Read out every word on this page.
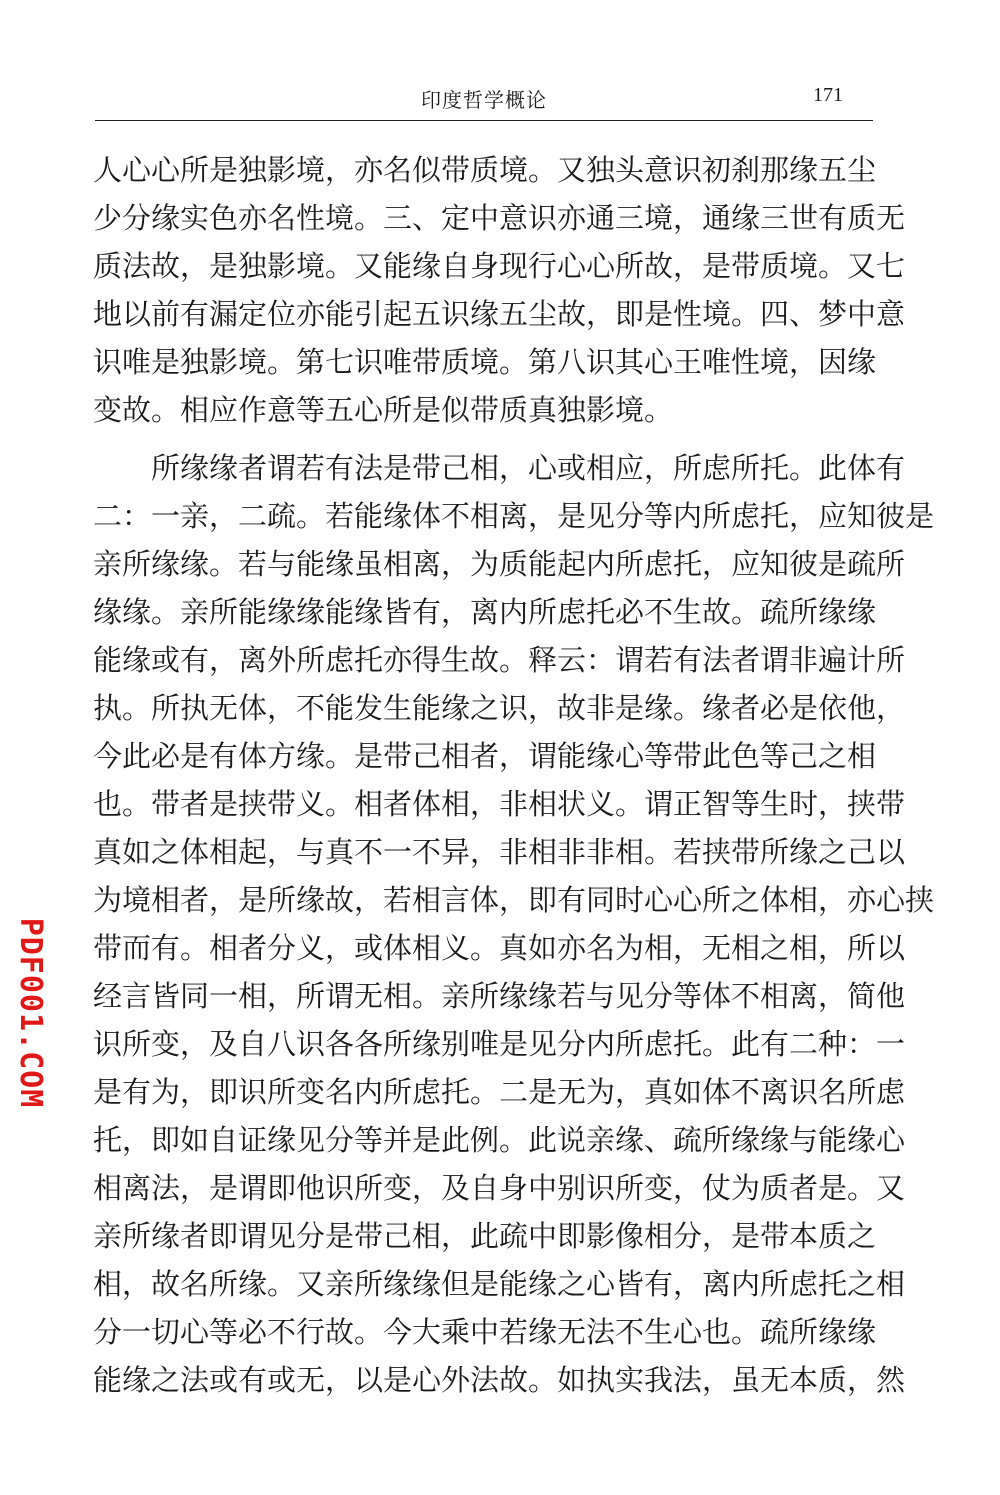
印度哲学概论	171
人心心所是独影境，亦名似带质境。又独头意识初刹那缘五尘
少分缘实色亦名性境。三、定中意识亦通三境，通缘三世有质无
质法故，是独影境。又能缘自身现行心心所故，是带质境。又七
地以前有漏定位亦能引起五识缘五尘故，即是性境。四、梦中意
识唯是独影境。第七识唯带质境。第八识其心王唯性境，因缘
变故。相应作意等五心所是似带质真独影境。
　　所缘缘者谓若有法是带己相，心或相应，所虑所托。此体有
二：一亲，二疏。若能缘体不相离，是见分等内所虑托，应知彼是
亲所缘缘。若与能缘虽相离，为质能起内所虑托，应知彼是疏所
缘缘。亲所能缘缘能缘皆有，离内所虑托必不生故。疏所缘缘
能缘或有，离外所虑托亦得生故。释云：谓若有法者谓非遍计所
执。所执无体，不能发生能缘之识，故非是缘。缘者必是依他，
今此必是有体方缘。是带己相者，谓能缘心等带此色等己之相
也。带者是挟带义。相者体相，非相状义。谓正智等生时，挟带
真如之体相起，与真不一不异，非相非非相。若挟带所缘之己以
为境相者，是所缘故，若相言体，即有同时心心所之体相，亦心挟
带而有。相者分义，或体相义。真如亦名为相，无相之相，所以
经言皆同一相，所谓无相。亲所缘缘若与见分等体不相离，简他
识所变，及自八识各各所缘别唯是见分内所虑托。此有二种：一
是有为，即识所变名内所虑托。二是无为，真如体不离识名所虑
托，即如自证缘见分等并是此例。此说亲缘、疏所缘缘与能缘心
相离法，是谓即他识所变，及自身中别识所变，仗为质者是。又
亲所缘者即谓见分是带己相，此疏中即影像相分，是带本质之
相，故名所缘。又亲所缘缘但是能缘之心皆有，离内所虑托之相
分一切心等必不行故。今大乘中若缘无法不生心也。疏所缘缘
能缘之法或有或无，以是心外法故。如执实我法，虽无本质，然
PDF001.COM
